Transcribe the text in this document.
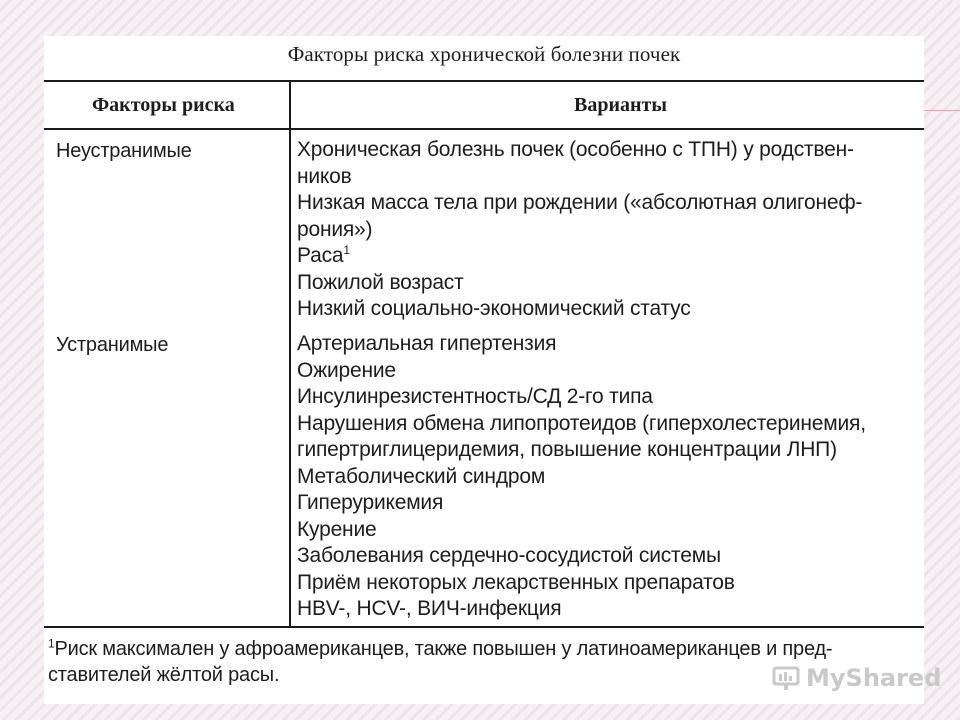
Факторы риска хронической болезни почек
Факторы риска	Варианты
Неустранимые	Хроническая болезнь почек (особенно с ТПН) у родствен-
ников
Низкая масса тела при рождении («абсолютная олигонеф-
рония»)
Раса$^1$
Пожилой возраст
Низкий социально-экономический статус
Устранимые	Артериальная гипертензия
Ожирение
Инсулинрезистентность/СД 2-го типа
Нарушения обмена липопротеидов (гиперхолестеринемия,
гипертриглицеридемия, повышение концентрации ЛНП)
Метаболический синдром
Гиперурикемия
Курение
Заболевания сердечно-сосудистой системы
Приём некоторых лекарственных препаратов
HBV-, HCV-, ВИЧ-инфекция
$^1$Риск максимален у афроамериканцев, также повышен у латиноамериканцев и пред-
ставителей жёлтой расы.	MyShared
